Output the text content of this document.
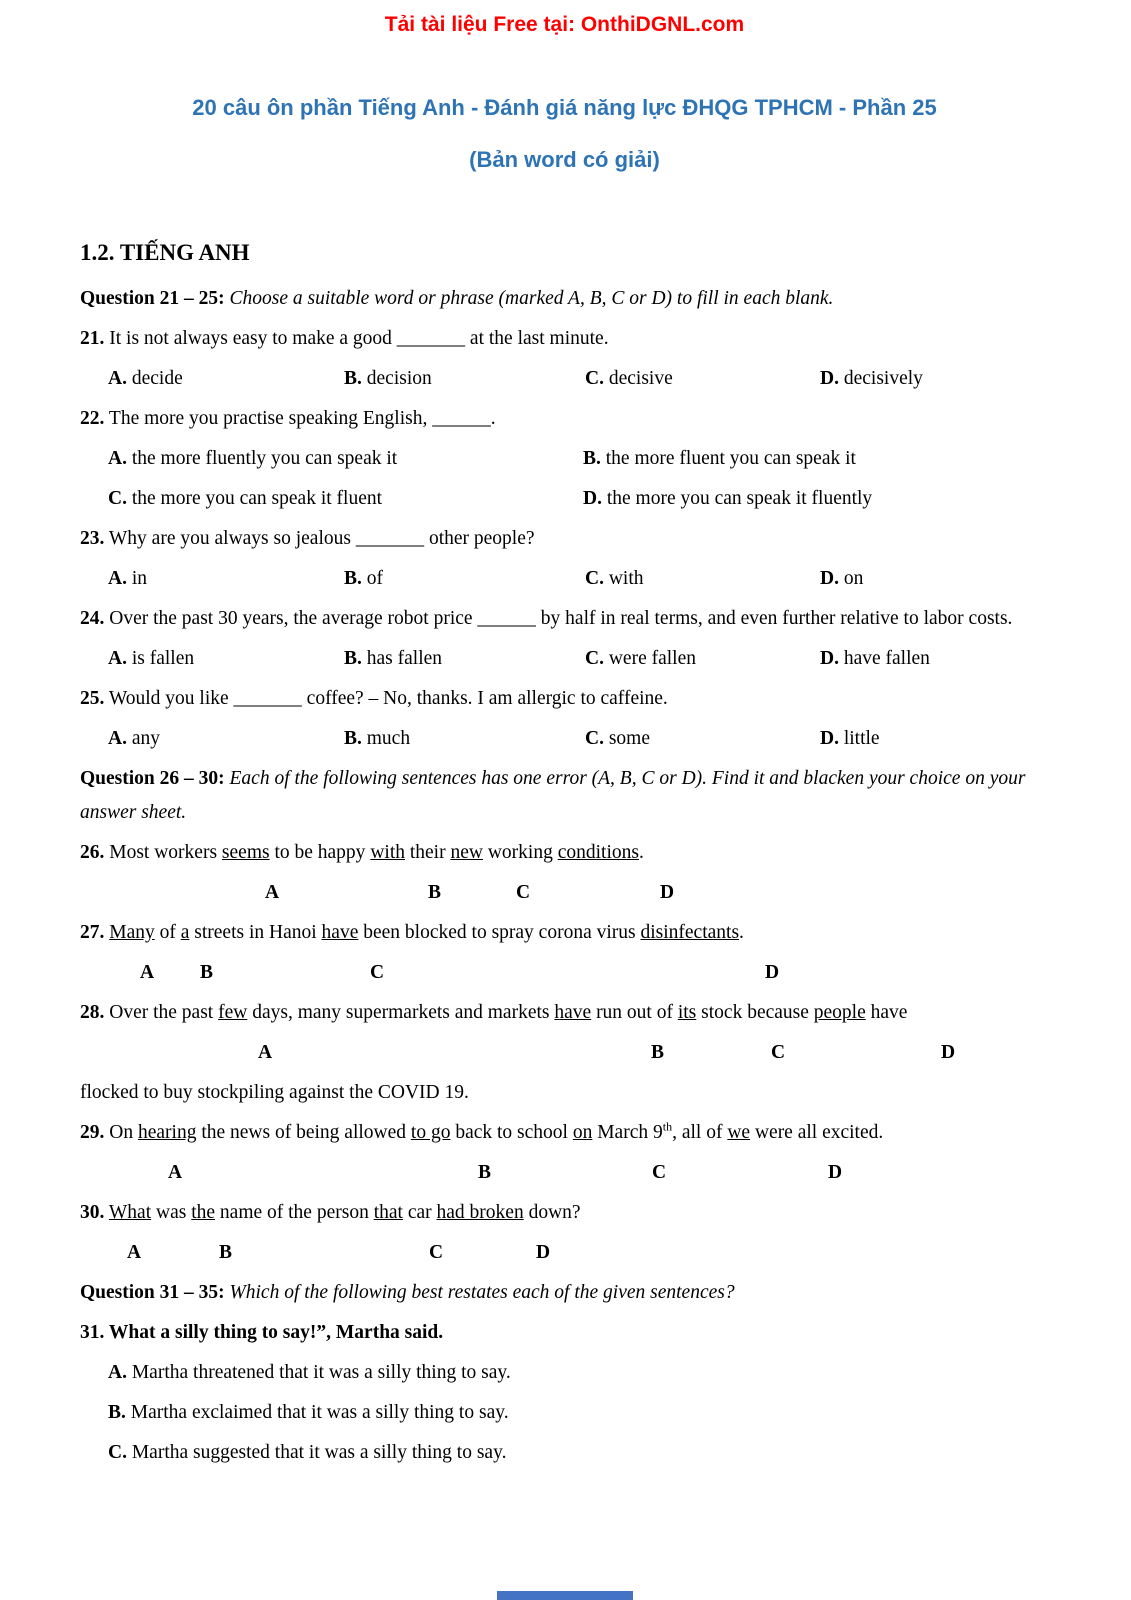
Tải tài liệu Free tại: OnthiDGNL.com
20 câu ôn phần Tiếng Anh - Đánh giá năng lực ĐHQG TPHCM - Phần 25
(Bản word có giải)
1.2. TIẾNG ANH

Question 21 – 25: Choose a suitable word or phrase (marked A, B, C or D) to fill in each blank.

21. It is not always easy to make a good _______ at the last minute.

A. decide	B. decision	C. decisive	D. decisively

22. The more you practise speaking English, ______.

A. the more fluently you can speak it	B. the more fluent you can speak it
C. the more you can speak it fluent	D. the more you can speak it fluently

23. Why are you always so jealous _______ other people?

A. in	B. of	C. with	D. on

24. Over the past 30 years, the average robot price ______ by half in real terms, and even further relative to labor costs.

A. is fallen	B. has fallen	C. were fallen	D. have fallen

25. Would you like _______ coffee? – No, thanks. I am allergic to caffeine.

A. any	B. much	C. some	D. little

Question 26 – 30: Each of the following sentences has one error (A, B, C or D). Find it and blacken your choice on your answer sheet.

26. Most workers seems to be happy with their new working conditions.

A	B	C	D

27. Many of a streets in Hanoi have been blocked to spray corona virus disinfectants.

A B	C	D

28. Over the past few days, many supermarkets and markets have run out of its stock because people have

A	B	C	D

flocked to buy stockpiling against the COVID 19.

29. On hearing the news of being allowed to go back to school on March 9th, all of we were all excited.

A	B	C	D

30. What was the name of the person that car had broken down?

A	B	C	D

Question 31 – 35: Which of the following best restates each of the given sentences?

31. What a silly thing to say!”, Martha said.

A. Martha threatened that it was a silly thing to say.

B. Martha exclaimed that it was a silly thing to say.

C. Martha suggested that it was a silly thing to say.
